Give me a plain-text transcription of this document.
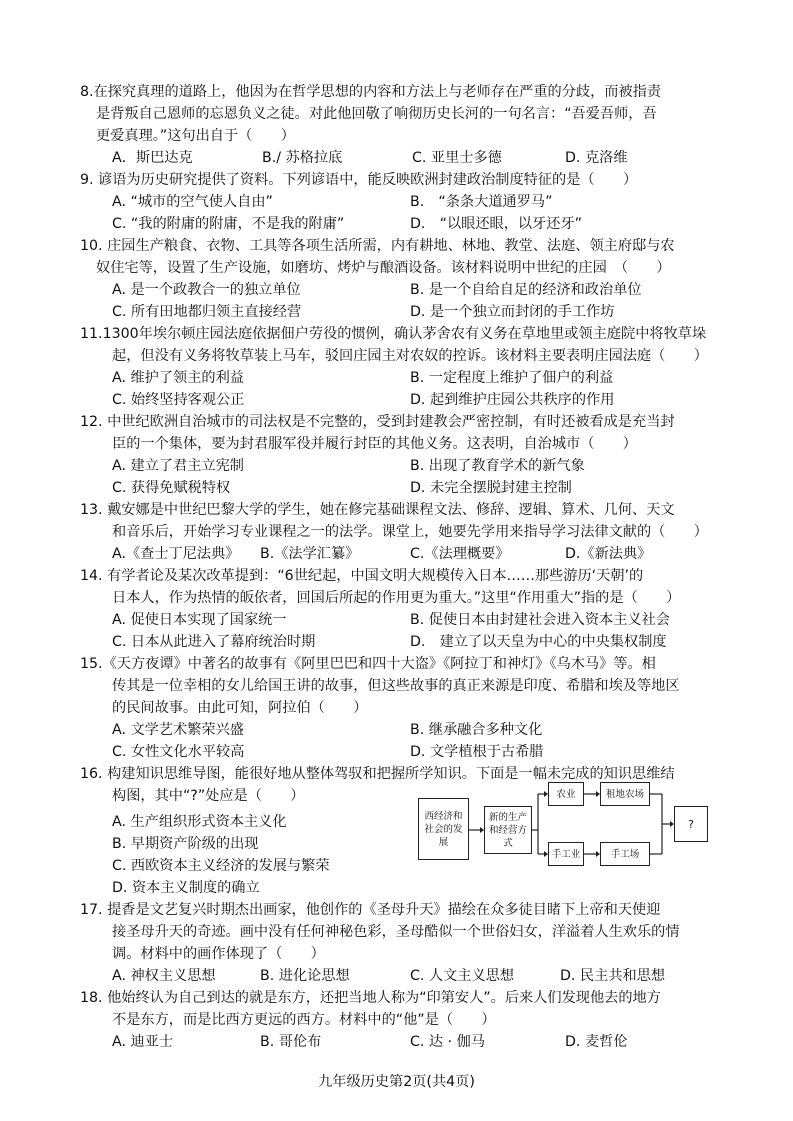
8.在探究真理的道路上，他因为在哲学思想的内容和方法上与老师存在严重的分歧，而被指责
是背叛自己恩师的忘恩负义之徒。对此他回敬了响彻历史长河的一句名言：“吾爱吾师，吾
更爱真理。”这句出自于（　　）
A．斯巴达克	B./ 苏格拉底	C. 亚里士多德	D. 克洛维
9. 谚语为历史研究提供了资料。下列谚语中，能反映欧洲封建政治制度特征的是（　　）
A. “城市的空气使人自由”	B.　“条条大道通罗马”
C. “我的附庸的附庸，不是我的附庸”	D.　“以眼还眼，以牙还牙”
10. 庄园生产粮食、衣物、工具等各项生活所需，内有耕地、林地、教堂、法庭、领主府邸与农
奴住宅等，设置了生产设施，如磨坊、烤炉与酿酒设备。该材料说明中世纪的庄园　（　　）
A. 是一个政教合一的独立单位	B. 是一个自给自足的经济和政治单位
C. 所有田地都归领主直接经营	D. 是一个独立而封闭的手工作坊
11.1300年埃尔顿庄园法庭依据佃户劳役的惯例，确认茅舍农有义务在草地里或领主庭院中将牧草垛
起，但没有义务将牧草装上马车，驳回庄园主对农奴的控诉。该材料主要表明庄园法庭（　　）
A. 维护了领主的利益	B. 一定程度上维护了佃户的利益
C. 始终坚持客观公正	D. 起到维护庄园公共秩序的作用
12. 中世纪欧洲自治城市的司法权是不完整的，受到封建教会严密控制，有时还被看成是充当封
臣的一个集体，要为封君服军役并履行封臣的其他义务。这表明，自治城市（　　）
A. 建立了君主立宪制	B. 出现了教育学术的新气象
C. 获得免赋税特权	D. 未完全摆脱封建主控制
13. 戴安娜是中世纪巴黎大学的学生，她在修完基础课程文法、修辞、逻辑、算术、几何、天文
和音乐后，开始学习专业课程之一的法学。课堂上，她要先学用来指导学习法律文献的（　　）
A.《查士丁尼法典》 B.《法学汇纂》	C.《法理概要》	D.《新法典》
14. 有学者论及某次改革提到：“6世纪起，中国文明大规模传入日本……那些游历‘天朝’的
日本人，作为热情的皈依者，回国后所起的作用更为重大。”这里“作用重大”指的是（　　）
A. 促使日本实现了国家统一	B. 促使日本由封建社会进入资本主义社会
C. 日本从此进入了幕府统治时期	D.　建立了以天皇为中心的中央集权制度
15.《天方夜谭》中著名的故事有《阿里巴巴和四十大盗》《阿拉丁和神灯》《乌木马》等。相
传其是一位幸相的女儿给国王讲的故事，但这些故事的真正来源是印度、希腊和埃及等地区
的民间故事。由此可知，阿拉伯（　　）
A. 文学艺术繁荣兴盛	B. 继承融合多种文化
C. 女性文化水平较高	D. 文学植根于古希腊
16. 构建知识思维导图，能很好地从整体驾驭和把握所学知识。下面是一幅未完成的知识思维结
构图，其中“?”处应是（　　）
A. 生产组织形式资本主义化
B. 早期资产阶级的出现
C. 西欧资本主义经济的发展与繁荣
D. 资本主义制度的确立
西经济和社会的发展
新的生产和经营方式
农业	租地农场
手工业	手工场
?
17. 提香是文艺复兴时期杰出画家，他创作的《圣母升天》描绘在众多徒目睹下上帝和天使迎
接圣母升天的奇迹。画中没有任何神秘色彩，圣母酷似一个世俗妇女，洋溢着人生欢乐的情
调。材料中的画作体现了（　　）
A. 神权主义思想	B. 进化论思想	C. 人文主义思想	D. 民主共和思想
18. 他始终认为自己到达的就是东方，还把当地人称为“印第安人”。后来人们发现他去的地方
不是东方，而是比西方更远的西方。材料中的“他”是（　　）
A. 迪亚士	B. 哥伦布	C. 达 · 伽马	D. 麦哲伦
九年级历史第2页(共4页)
